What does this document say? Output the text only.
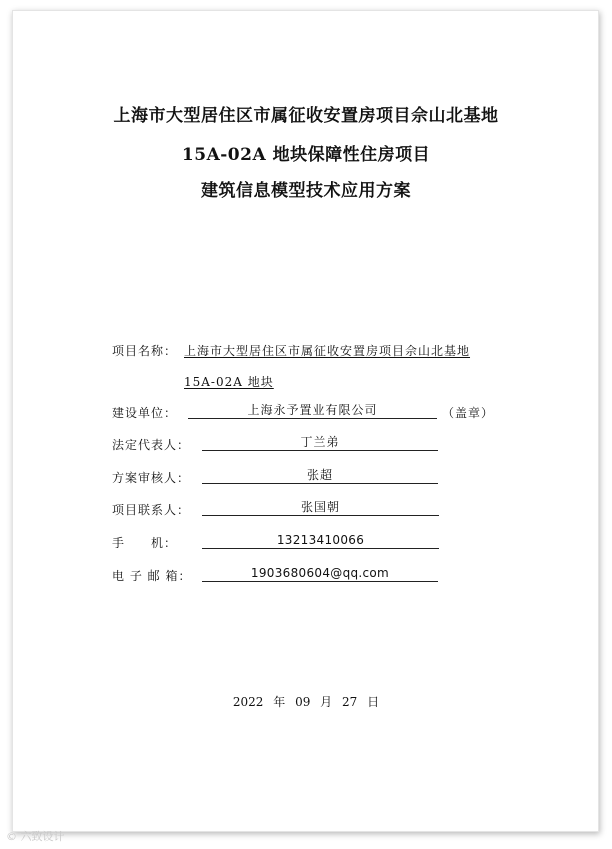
上海市大型居住区市属征收安置房项目佘山北基地
15A-02A 地块保障性住房项目
建筑信息模型技术应用方案
项目名称： 上海市大型居住区市属征收安置房项目佘山北基地
15A-02A 地块
建设单位：	上海永予置业有限公司	（盖章）
法定代表人：	丁兰弟
方案审核人：	张超
项目联系人：	张国朝
手　　机：	13213410066
电 子 邮 箱：	1903680604@qq.com
2022 年 09 月 27 日
© 六致设计
